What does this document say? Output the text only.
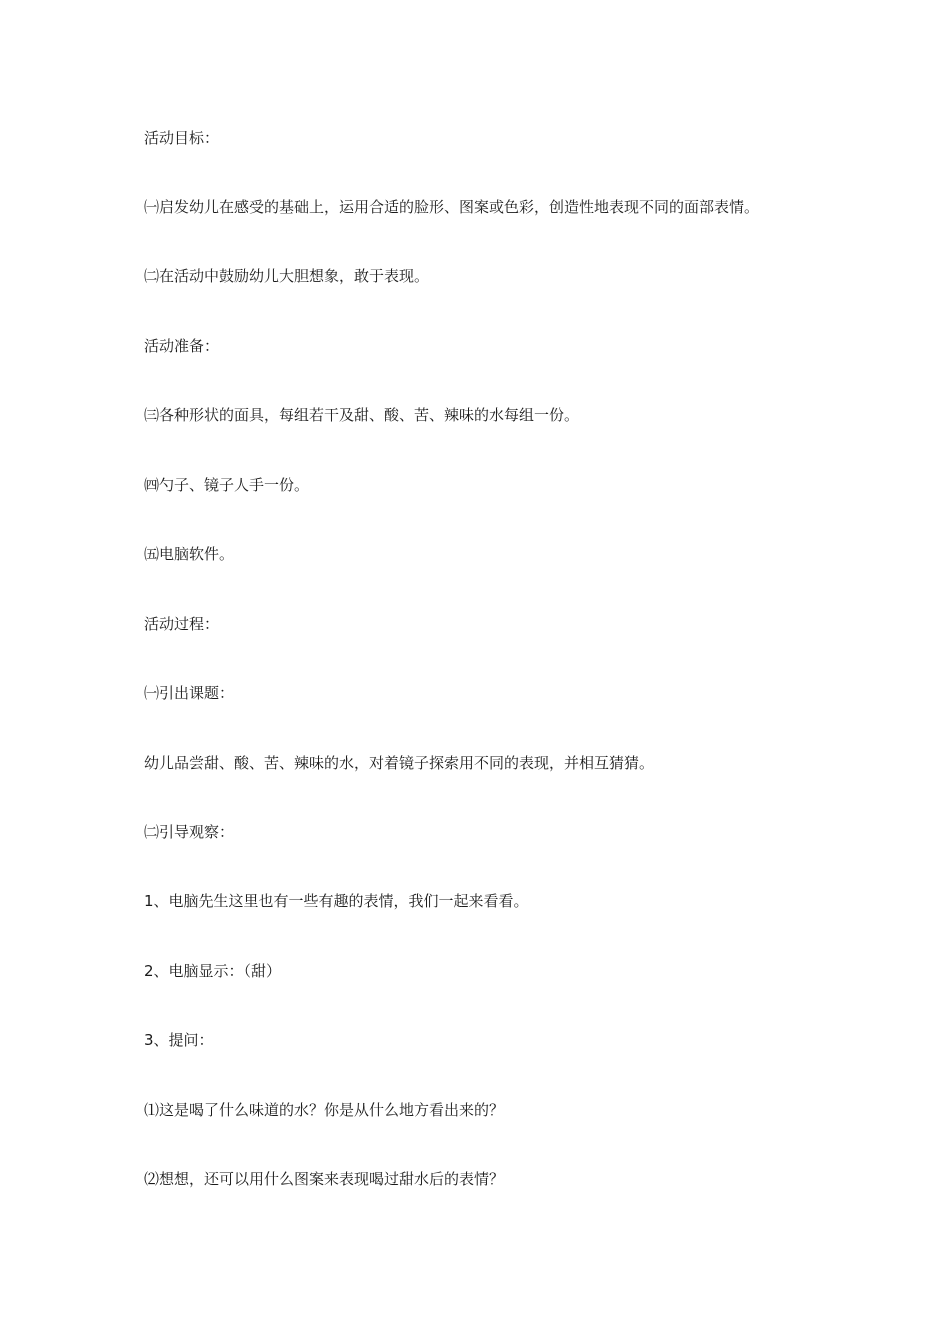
活动目标：
㈠启发幼儿在感受的基础上，运用合适的脸形、图案或色彩，创造性地表现不同的面部表情。
㈡在活动中鼓励幼儿大胆想象，敢于表现。
活动准备：
㈢各种形状的面具，每组若干及甜、酸、苦、辣味的水每组一份。
㈣勺子、镜子人手一份。
㈤电脑软件。
活动过程：
㈠引出课题：
幼儿品尝甜、酸、苦、辣味的水，对着镜子探索用不同的表现，并相互猜猜。
㈡引导观察：
1、电脑先生这里也有一些有趣的表情，我们一起来看看。
2、电脑显示：（甜）
3、提问：
⑴这是喝了什么味道的水？你是从什么地方看出来的？
⑵想想，还可以用什么图案来表现喝过甜水后的表情？
